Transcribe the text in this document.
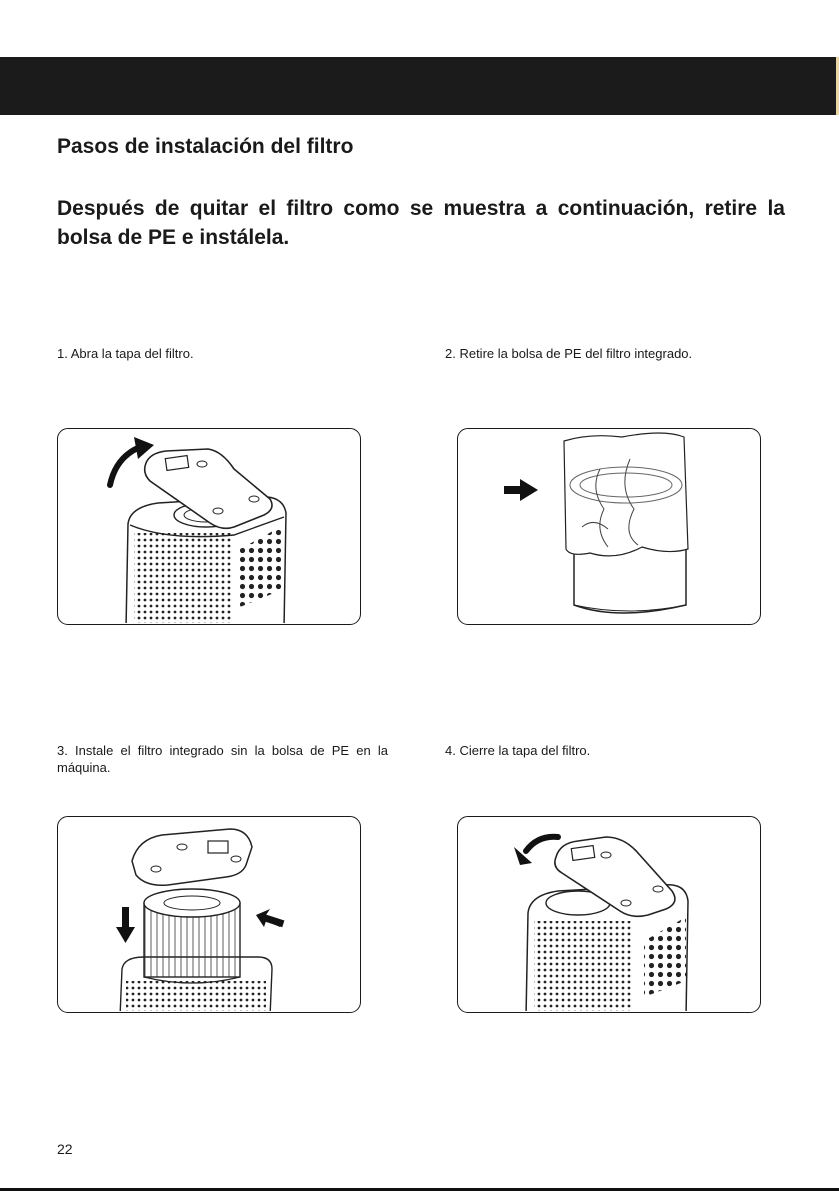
Pasos de instalación del filtro
Después de quitar el filtro como se muestra a continuación, retire la bolsa de PE e instálela.
1. Abra la tapa del filtro.	2. Retire la bolsa de PE del filtro integrado.
3. Instale el filtro integrado sin la bolsa de PE en la máquina.
4. Cierre la tapa del filtro.
22
